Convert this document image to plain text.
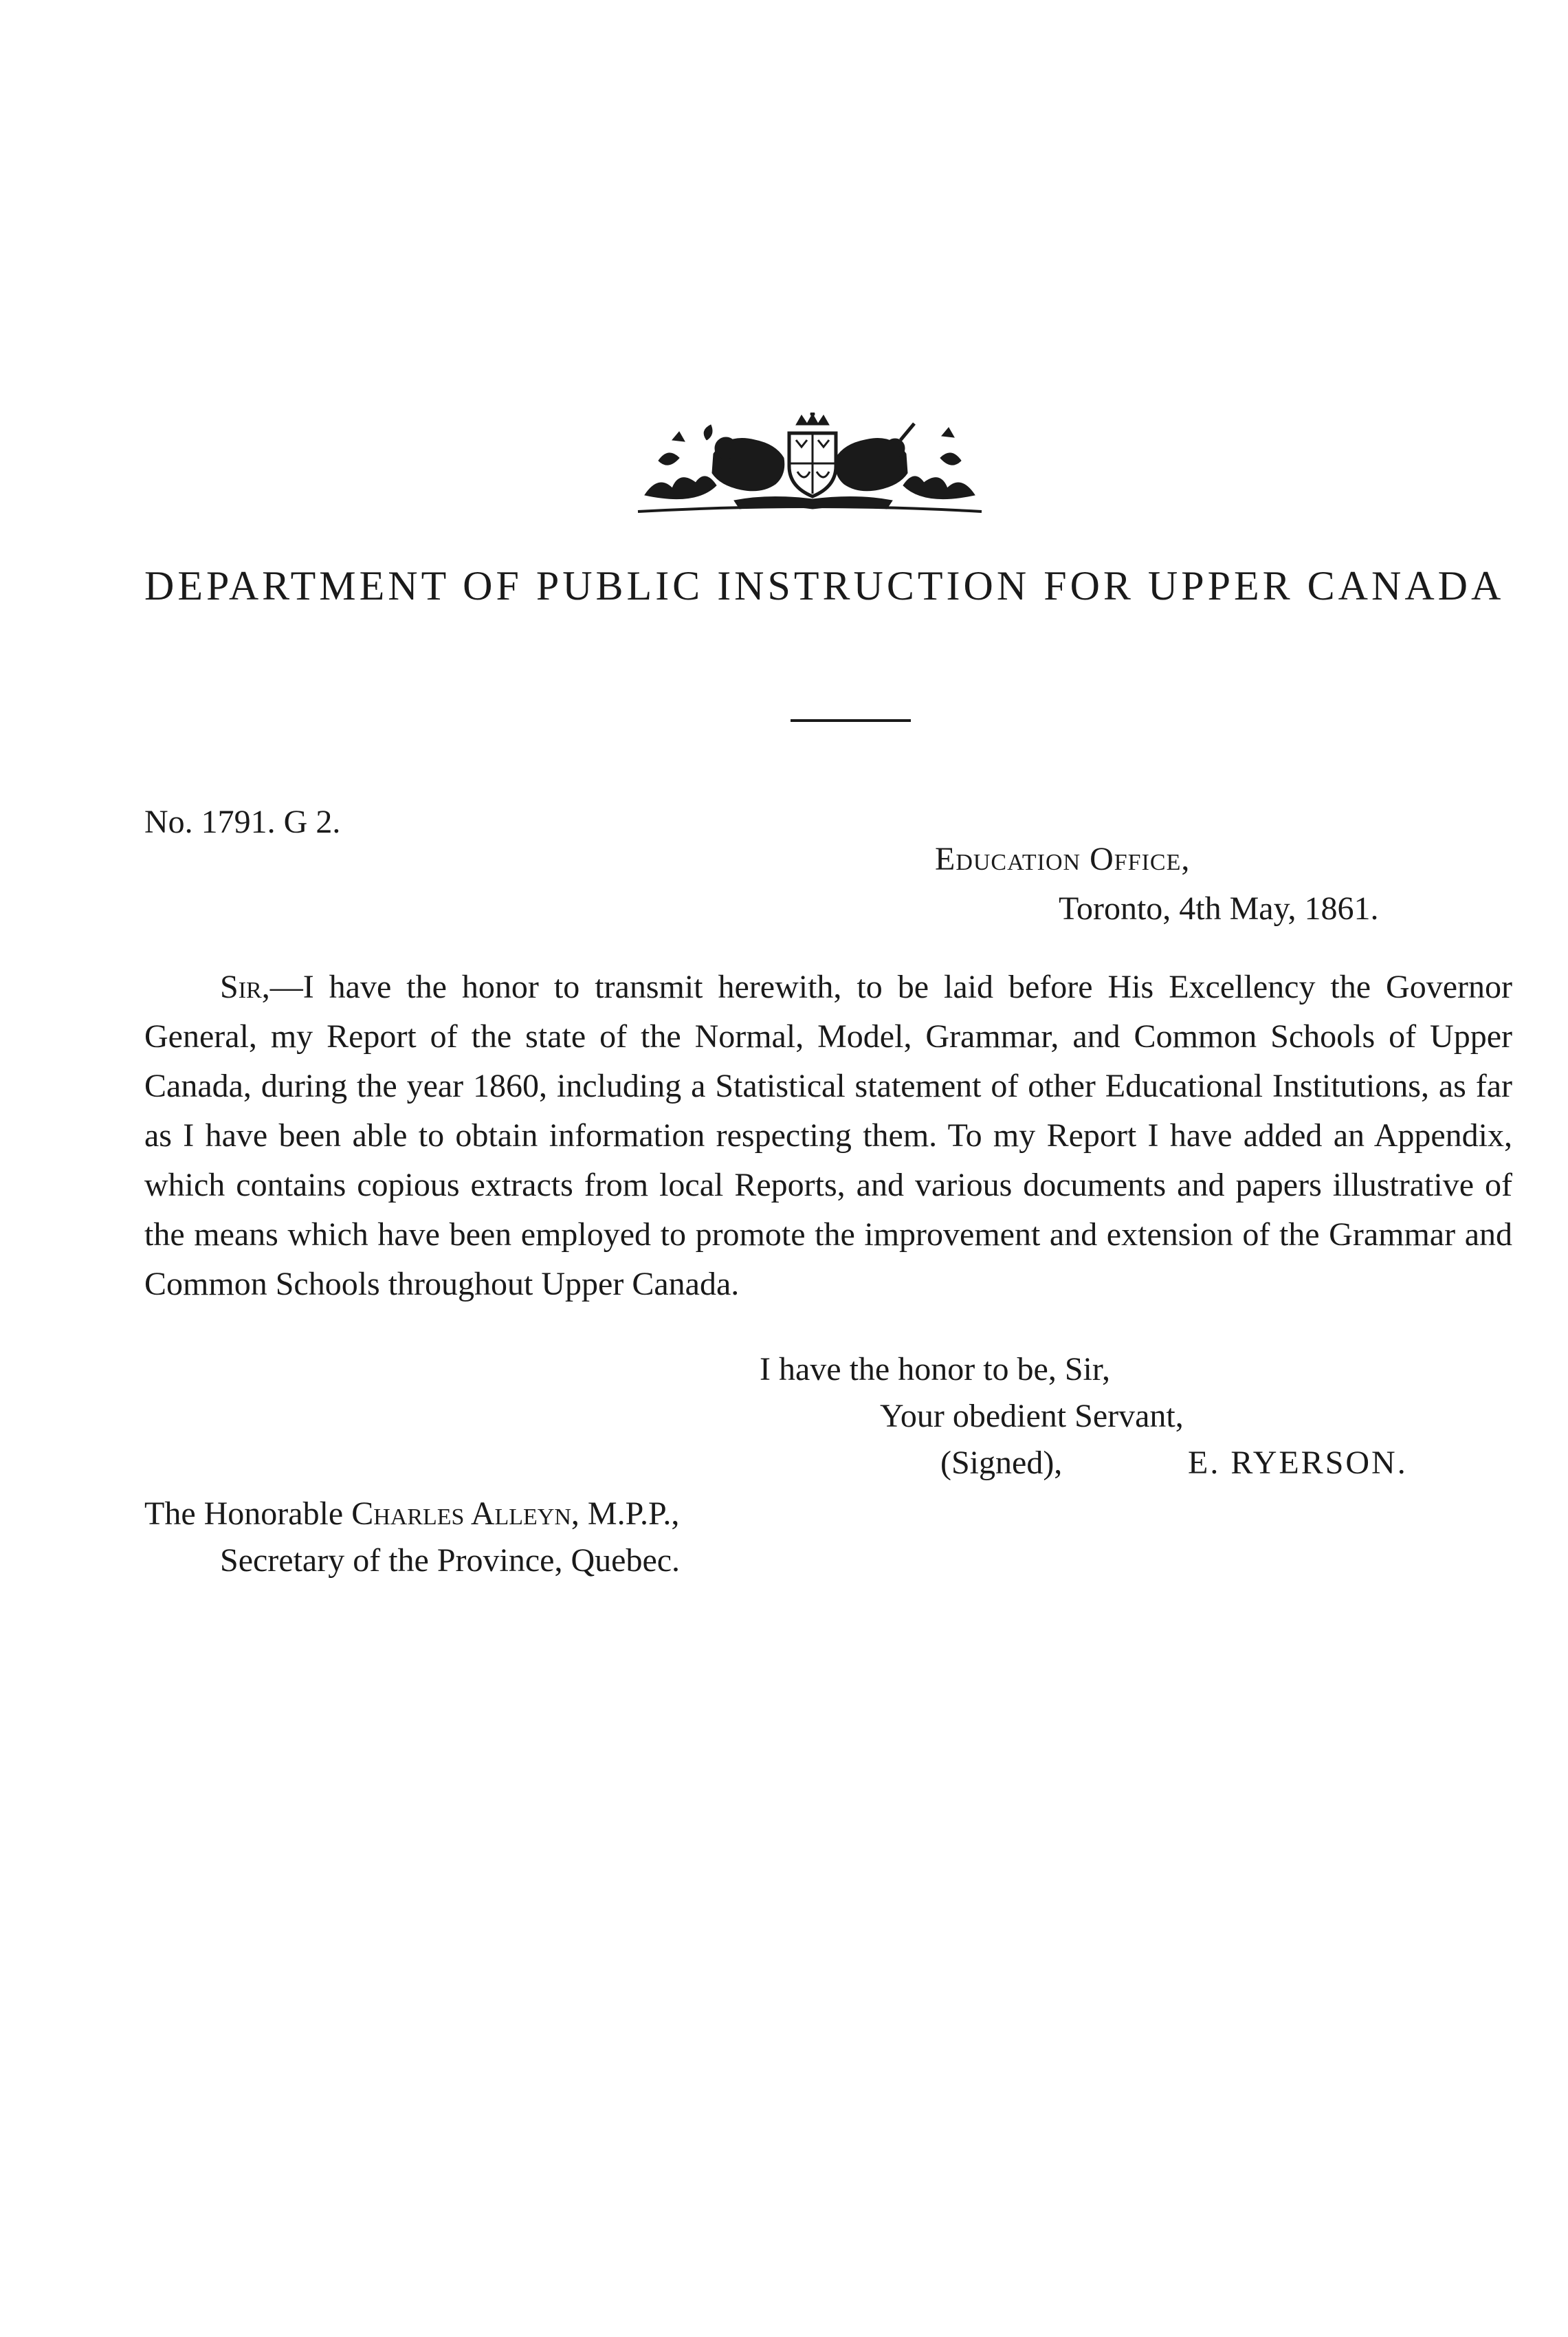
DEPARTMENT OF PUBLIC INSTRUCTION FOR UPPER CANADA
No. 1791. G 2.
Education Office,
Toronto, 4th May, 1861.
Sir,—I have the honor to transmit herewith, to be laid before His Excellency the Governor General, my Report of the state of the Normal, Model, Grammar, and Common Schools of Upper Canada, during the year 1860, including a Statistical statement of other Educational Institutions, as far as I have been able to obtain information respecting them. To my Report I have added an Appendix, which contains copious extracts from local Reports, and various documents and papers illustrative of the means which have been employed to promote the improvement and extension of the Grammar and Common Schools throughout Upper Canada.
I have the honor to be, Sir,
Your obedient Servant,
(Signed),	E. RYERSON.
The Honorable Charles Alleyn, M.P.P.,
Secretary of the Province, Quebec.
